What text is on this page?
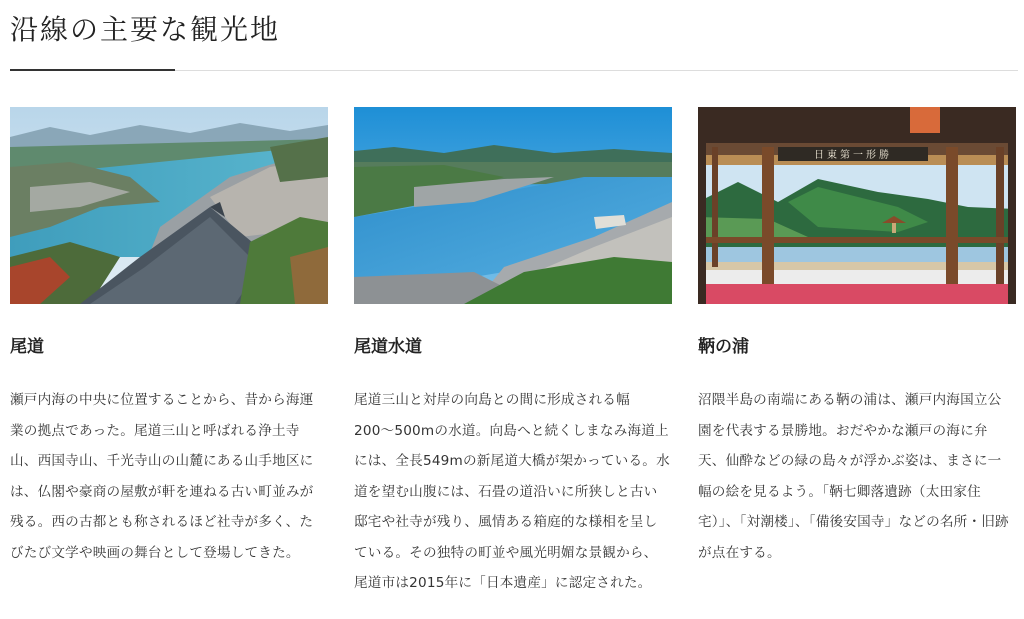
沿線の主要な観光地
尾道

瀬戸内海の中央に位置することから、昔から海運業の拠点であった。尾道三山と呼ばれる浄土寺山、西国寺山、千光寺山の山麓にある山手地区には、仏閣や豪商の屋敷が軒を連ねる古い町並みが残る。西の古都とも称されるほど社寺が多く、たびたび文学や映画の舞台として登場してきた。

尾道水道

尾道三山と対岸の向島との間に形成される幅200〜500mの水道。向島へと続くしまなみ海道上には、全長549mの新尾道大橋が架かっている。水道を望む山腹には、石畳の道沿いに所狭しと古い邸宅や社寺が残り、風情ある箱庭的な様相を呈している。その独特の町並や風光明媚な景観から、尾道市は2015年に「日本遺産」に認定された。

日東第一形勝
鞆の浦

沼隈半島の南端にある鞆の浦は、瀬戸内海国立公園を代表する景勝地。おだやかな瀬戸の海に弁天、仙酔などの緑の島々が浮かぶ姿は、まさに一幅の絵を見るよう。「鞆七卿落遺跡（太田家住宅）」、「対潮楼」、「備後安国寺」などの名所・旧跡が点在する。
